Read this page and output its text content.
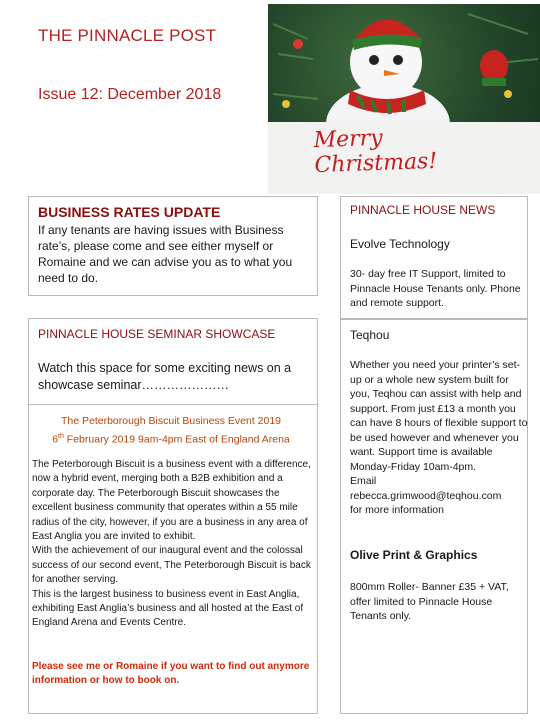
THE PINNACLE POST
Issue 12: December 2018
Merry
Christmas!
BUSINESS RATES UPDATE
If any tenants are having issues with Business rate’s, please come and see either myself or Romaine and we can advise you as to what you need to do.
PINNACLE HOUSE SEMINAR SHOWCASE
Watch this space for some exciting news on a showcase seminar…………………
The Peterborough Biscuit Business Event 2019
6th February 2019 9am-4pm East of England Arena
The Peterborough Biscuit is a business event with a difference, now a hybrid event, merging both a B2B exhibition and a corporate day. The Peterborough Biscuit showcases the excellent business community that operates within a 55 mile radius of the city, however, if you are a business in any area of East Anglia you are invited to exhibit.
With the achievement of our inaugural event and the colossal success of our second event, The Peterborough Biscuit is back for another serving.
This is the largest business to business event in East Anglia, exhibiting East Anglia’s business and all hosted at the East of England Arena and Events Centre.
Please see me or Romaine if you want to find out anymore information or how to book on.
PINNACLE HOUSE NEWS
Evolve Technology
30- day free IT Support, limited to Pinnacle House Tenants only. Phone and remote support.
Teqhou
Whether you need your printer’s set-up or a whole new system built for you, Teqhou can assist with help and support. From just £13 a month you can have 8 hours of flexible support to be used however and whenever you want. Support time is available Monday-Friday 10am-4pm.
Email
rebecca.grimwood@teqhou.com
for more information
Olive Print & Graphics
800mm Roller- Banner £35 + VAT, offer limited to Pinnacle House Tenants only.
